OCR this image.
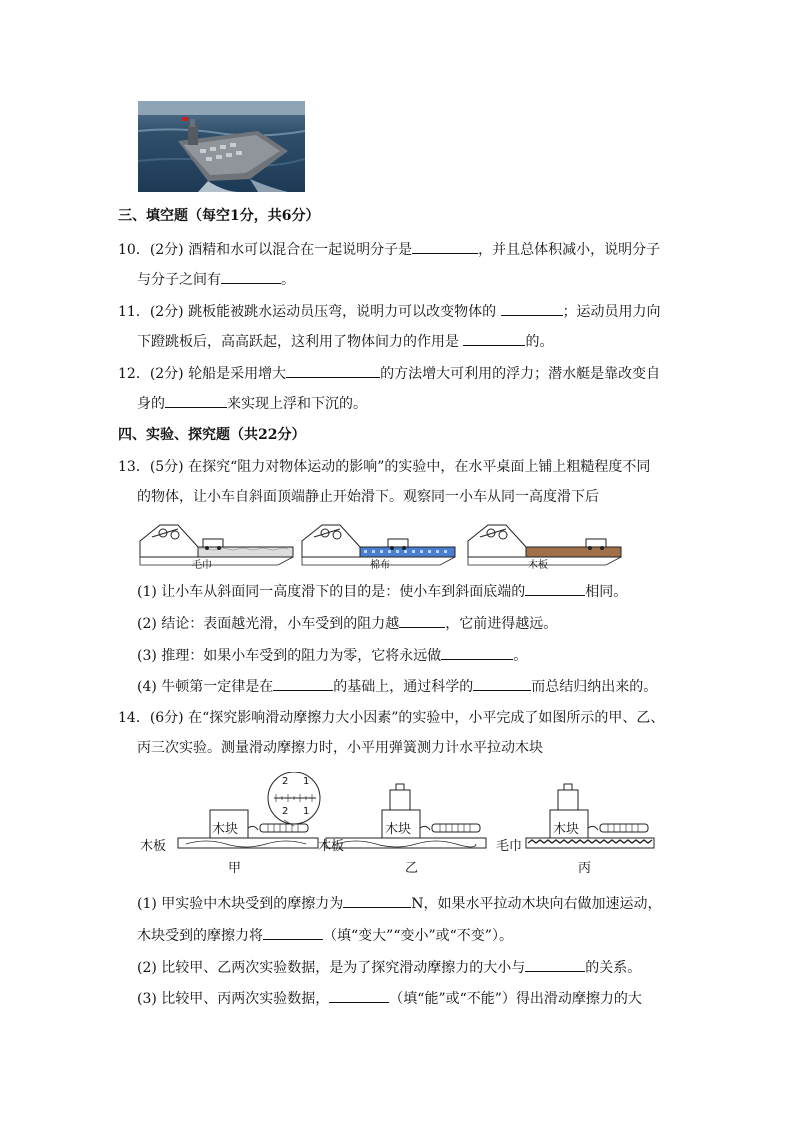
三、填空题（每空1分，共6分）
10．(2分) 酒精和水可以混合在一起说明分子是	，并且总体积减小，说明分子
与分子之间有	。
11．(2分) 跳板能被跳水运动员压弯，说明力可以改变物体的	；运动员用力向
下蹬跳板后，高高跃起，这利用了物体间力的作用是	的。
12．(2分) 轮船是采用增大	的方法增大可利用的浮力；潜水艇是靠改变自
身的	来实现上浮和下沉的。
四、实验、探究题（共22分）
13．(5分) 在探究“阻力对物体运动的影响”的实验中，在水平桌面上铺上粗糙程度不同
的物体，让小车自斜面顶端静止开始滑下。观察同一小车从同一高度滑下后
毛巾	棉布	木板
(1) 让小车从斜面同一高度滑下的目的是：使小车到斜面底端的	相同。
(2) 结论：表面越光滑，小车受到的阻力越	，它前进得越远。
(3) 推理：如果小车受到的阻力为零，它将永远做	。
(4) 牛顿第一定律是在	的基础上，通过科学的	而总结归纳出来的。
14．(6分) 在“探究影响滑动摩擦力大小因素”的实验中，小平完成了如图所示的甲、乙、
丙三次实验。测量滑动摩擦力时，小平用弹簧测力计水平拉动木块
木块	木块	木块
2 1
2 1
木板	木板	毛巾
甲	乙	丙
(1) 甲实验中木块受到的摩擦力为	N，如果水平拉动木块向右做加速运动，
木块受到的摩擦力将	（填“变大”“变小”或“不变”）。
(2) 比较甲、乙两次实验数据，是为了探究滑动摩擦力的大小与	的关系。
(3) 比较甲、丙两次实验数据，	（填“能”或“不能”）得出滑动摩擦力的大
